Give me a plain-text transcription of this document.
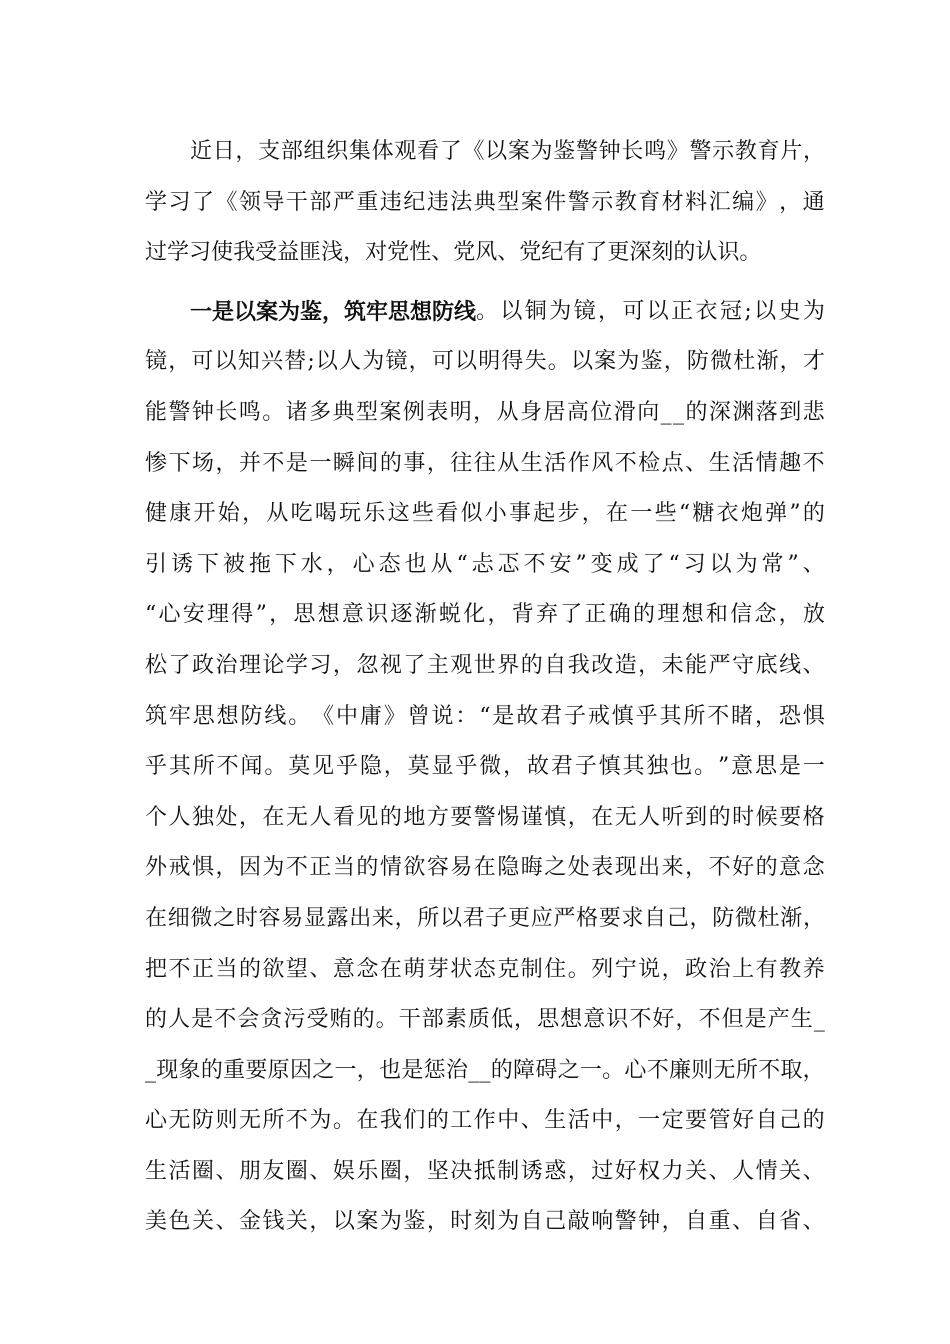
近 日 ， 支 部 组 织 集 体 观 看 了 《 以 案 为 鉴 警 钟 长 鸣 》 警 示 教 育 片 ，
学 习 了 《 领 导 干 部 严 重 违 纪 违 法 典 型 案 件 警 示 教 育 材 料 汇 编 》 ， 通
过 学 习 使 我 受 益 匪 浅 ， 对 党 性 、 党 风 、 党 纪 有 了 更 深 刻 的 认 识 。
一是以案为鉴，筑牢思想防线 。 以 铜 为 镜 ， 可 以 正 衣 冠 ; 以 史 为
镜 ， 可 以 知 兴 替 ; 以 人 为 镜 ， 可 以 明 得 失 。 以 案 为 鉴 ， 防 微 杜 渐 ， 才
能 警 钟 长 鸣 。 诸 多 典 型 案 例 表 明 ， 从 身 居 高 位 滑 向 _ _ 的 深 渊 落 到 悲
惨 下 场 ， 并 不 是 一 瞬 间 的 事 ， 往 往 从 生 活 作 风 不 检 点 、 生 活 情 趣 不
健 康 开 始 ， 从 吃 喝 玩 乐 这 些 看 似 小 事 起 步 ， 在 一 些 “ 糖 衣 炮 弹 ” 的
引 诱 下 被 拖 下 水 ， 心 态 也 从 “ 忐 忑 不 安 ” 变 成 了 “ 习 以 为 常 ” 、
“ 心 安 理 得 ” ， 思 想 意 识 逐 渐 蜕 化 ， 背 弃 了 正 确 的 理 想 和 信 念 ， 放
松 了 政 治 理 论 学 习 ， 忽 视 了 主 观 世 界 的 自 我 改 造 ， 未 能 严 守 底 线 、
筑 牢 思 想 防 线 。 《 中 庸 》 曾 说 ： “ 是 故 君 子 戒 慎 乎 其 所 不 睹 ， 恐 惧
乎 其 所 不 闻 。 莫 见 乎 隐 ， 莫 显 乎 微 ， 故 君 子 慎 其 独 也 。 ” 意 思 是 一
个 人 独 处 ， 在 无 人 看 见 的 地 方 要 警 惕 谨 慎 ， 在 无 人 听 到 的 时 候 要 格
外 戒 惧 ， 因 为 不 正 当 的 情 欲 容 易 在 隐 晦 之 处 表 现 出 来 ， 不 好 的 意 念
在 细 微 之 时 容 易 显 露 出 来 ， 所 以 君 子 更 应 严 格 要 求 自 己 ， 防 微 杜 渐 ，
把 不 正 当 的 欲 望 、 意 念 在 萌 芽 状 态 克 制 住 。 列 宁 说 ， 政 治 上 有 教 养
的 人 是 不 会 贪 污 受 贿 的 。 干 部 素 质 低 ， 思 想 意 识 不 好 ， 不 但 是 产 生 _
_ 现 象 的 重 要 原 因 之 一 ， 也 是 惩 治 _ _ 的 障 碍 之 一 。 心 不 廉 则 无 所 不 取 ，
心 无 防 则 无 所 不 为 。 在 我 们 的 工 作 中 、 生 活 中 ， 一 定 要 管 好 自 己 的
生 活 圈 、 朋 友 圈 、 娱 乐 圈 ， 坚 决 抵 制 诱 惑 ， 过 好 权 力 关 、 人 情 关 、
美 色 关 、 金 钱 关 ， 以 案 为 鉴 ， 时 刻 为 自 己 敲 响 警 钟 ， 自 重 、 自 省 、
